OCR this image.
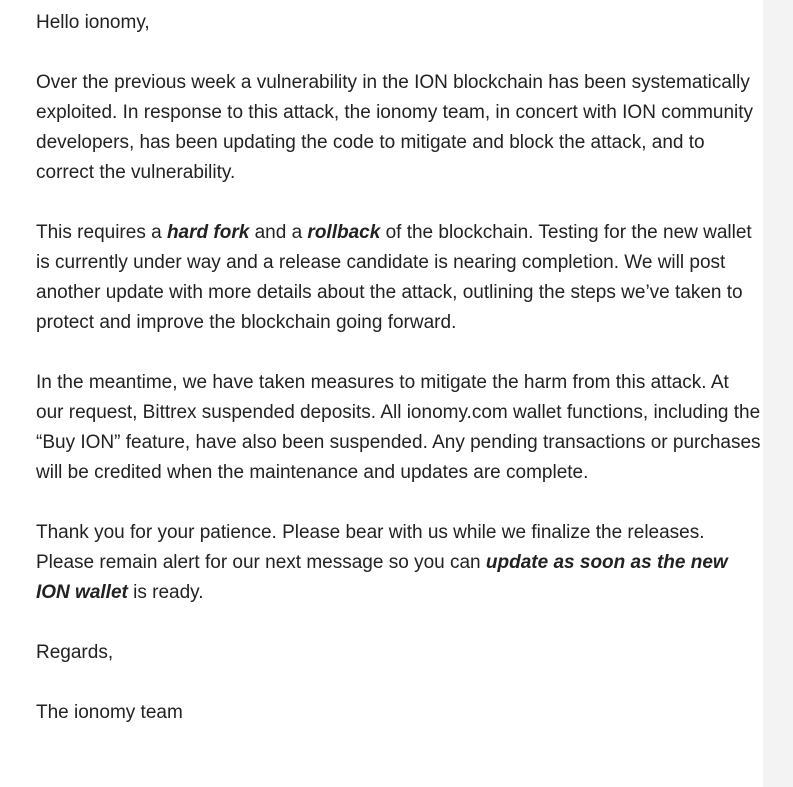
Hello ionomy,

Over the previous week a vulnerability in the ION blockchain has been systematically exploited. In response to this attack, the ionomy team, in concert with ION community developers, has been updating the code to mitigate and block the attack, and to correct the vulnerability.

This requires a hard fork and a rollback of the blockchain. Testing for the new wallet is currently under way and a release candidate is nearing completion. We will post another update with more details about the attack, outlining the steps we’ve taken to protect and improve the blockchain going forward.

In the meantime, we have taken measures to mitigate the harm from this attack. At our request, Bittrex suspended deposits. All ionomy.com wallet functions, including the “Buy ION” feature, have also been suspended. Any pending transactions or purchases will be credited when the maintenance and updates are complete.

Thank you for your patience. Please bear with us while we finalize the releases. Please remain alert for our next message so you can update as soon as the new ION wallet is ready.

Regards,

The ionomy team
